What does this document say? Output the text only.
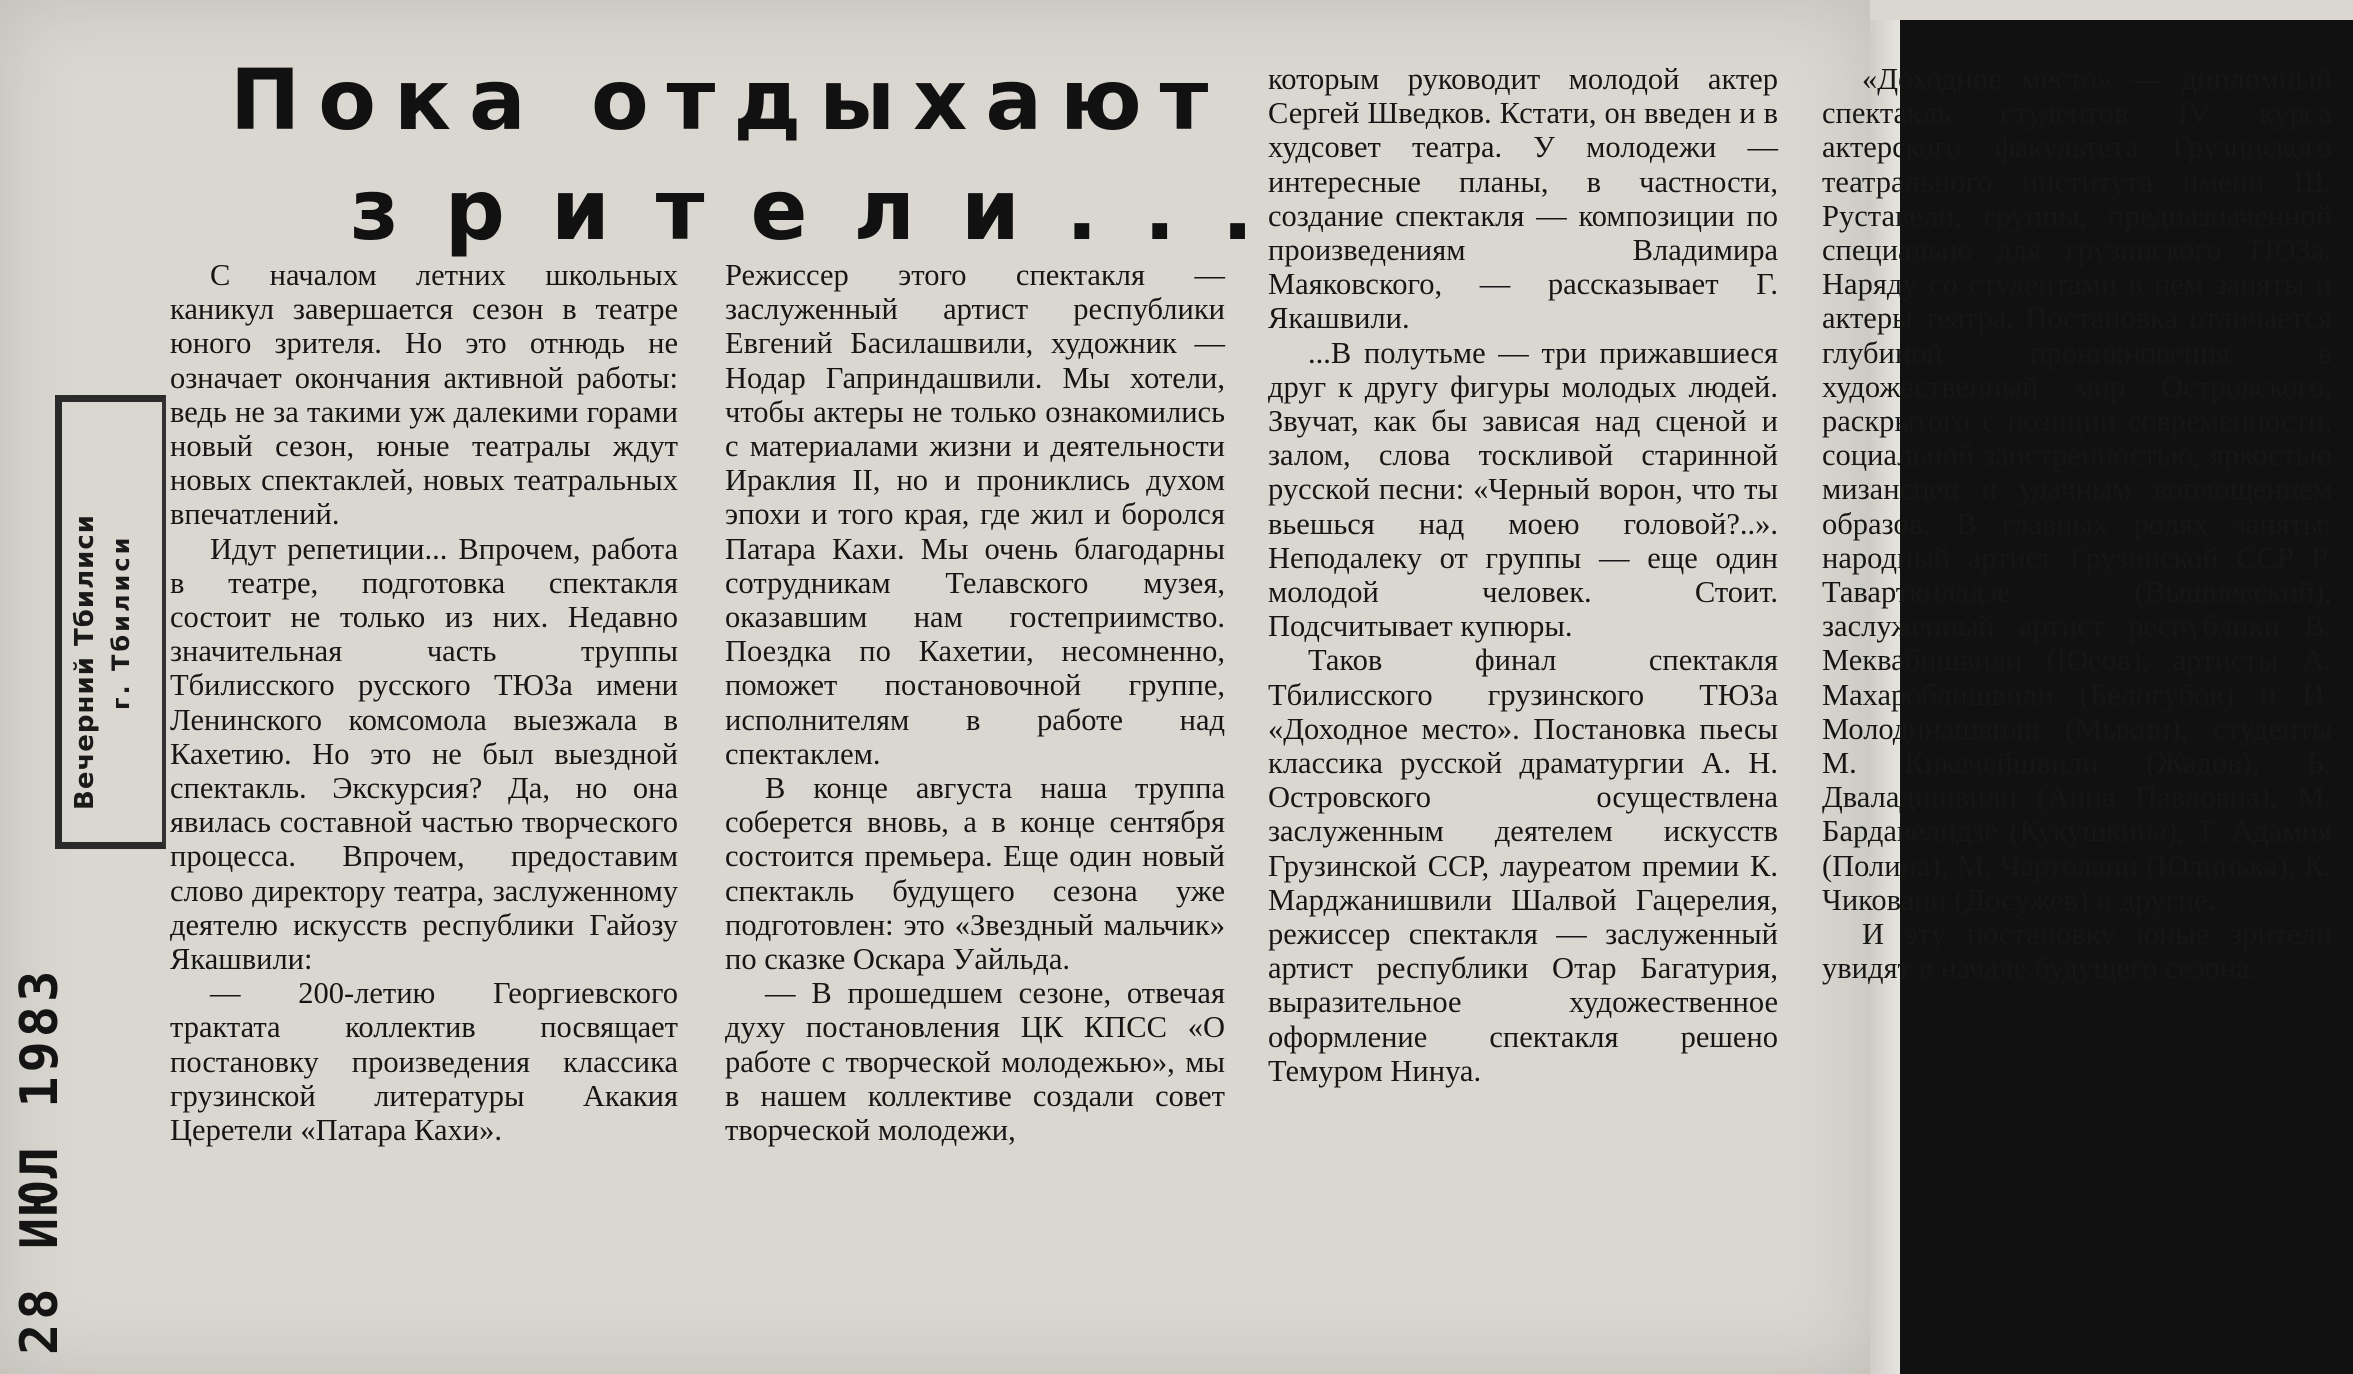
Пока отдыхают
зрители...
Вечерний Тбилиси г. Тбилиси
28 ИЮЛ 1983

С началом летних школьных каникул завершается сезон в театре юного зрителя. Но это отнюдь не означает окончания активной работы: ведь не за такими уж далекими горами новый сезон, юные театралы ждут новых спектаклей, новых театральных впечатлений.

Идут репетиции... Впрочем, работа в театре, подготовка спектакля состоит не только из них. Недавно значительная часть труппы Тбилисского русского ТЮЗа имени Ленинского комсомола выезжала в Кахетию. Но это не был выездной спектакль. Экскурсия? Да, но она явилась составной частью творческого процесса. Впрочем, предоставим слово директору театра, заслуженному деятелю искусств республики Гайозу Якашвили:

— 200-летию Георгиевского трактата коллектив посвящает постановку произведения классика грузинской литературы Акакия Церетели «Патара Кахи».

Режиссер этого спектакля — заслуженный артист республики Евгений Басилашвили, художник — Нодар Гаприндашвили. Мы хотели, чтобы актеры не только ознакомились с материалами жизни и деятельности Ираклия II, но и прониклись духом эпохи и того края, где жил и боролся Патара Кахи. Мы очень благодарны сотрудникам Телавского музея, оказавшим нам гостеприимство. Поездка по Кахетии, несомненно, поможет постановочной группе, исполнителям в работе над спектаклем.

В конце августа наша труппа соберется вновь, а в конце сентября состоится премьера. Еще один новый спектакль будущего сезона уже подготовлен: это «Звездный мальчик» по сказке Оскара Уайльда.

— В прошедшем сезоне, отвечая духу постановления ЦК КПСС «О работе с творческой молодежью», мы в нашем коллективе создали совет творческой молодежи,

которым руководит молодой актер Сергей Шведков. Кстати, он введен и в худсовет театра. У молодежи — интересные планы, в частности, создание спектакля — композиции по произведениям Владимира Маяковского, — рассказывает Г. Якашвили.

...В полутьме — три прижавшиеся друг к другу фигуры молодых людей. Звучат, как бы зависая над сценой и залом, слова тоскливой старинной русской песни: «Черный ворон, что ты вьешься над моею головой?..». Неподалеку от группы — еще один молодой человек. Стоит. Подсчитывает купюры.

Таков финал спектакля Тбилисского грузинского ТЮЗа «Доходное место». Постановка пьесы классика русской драматургии А. Н. Островского осуществлена заслуженным деятелем искусств Грузинской ССР, лауреатом премии К. Марджанишвили Шалвой Гацерелия, режиссер спектакля — заслуженный артист республики Отар Багатурия, выразительное художественное оформление спектакля решено Темуром Нинуа.

«Доходное место» — дипломный спектакль студентов IV курса актерского факультета Грузинского театрального института имени Ш. Руставели, группы, предназначенной специально для грузинского ТЮЗа. Наряду со студентами в нем заняты и актеры театра. Постановка отличается глубиной проникновения в художественный мир Островского, раскрытого с позиции современности, социальной заостренностью, яркостью мизансцен и удачным воплощением образов. В главных ролях заняты: народный артист Грузинской ССР Р. Таварткиладзе (Вышневский), заслуженный артист республики В. Меквабишвили (Юсов), артисты А. Махароблишвили (Белогубов) и И. Молодинашвили (Мыкин), студенты М. Кикачейшвили (Жадов), Б. Дваладишвили (Анна Павловна), М. Бардавелидзе (Кукушкина), Т. Адамия (Полина), М. Чартолани (Юлинька), К. Чиковани (Досужев) и другие.

И эту постановку юные зрители увидят в начале будущего сезона.

И. ЭРЕТИШВИЛИ.
